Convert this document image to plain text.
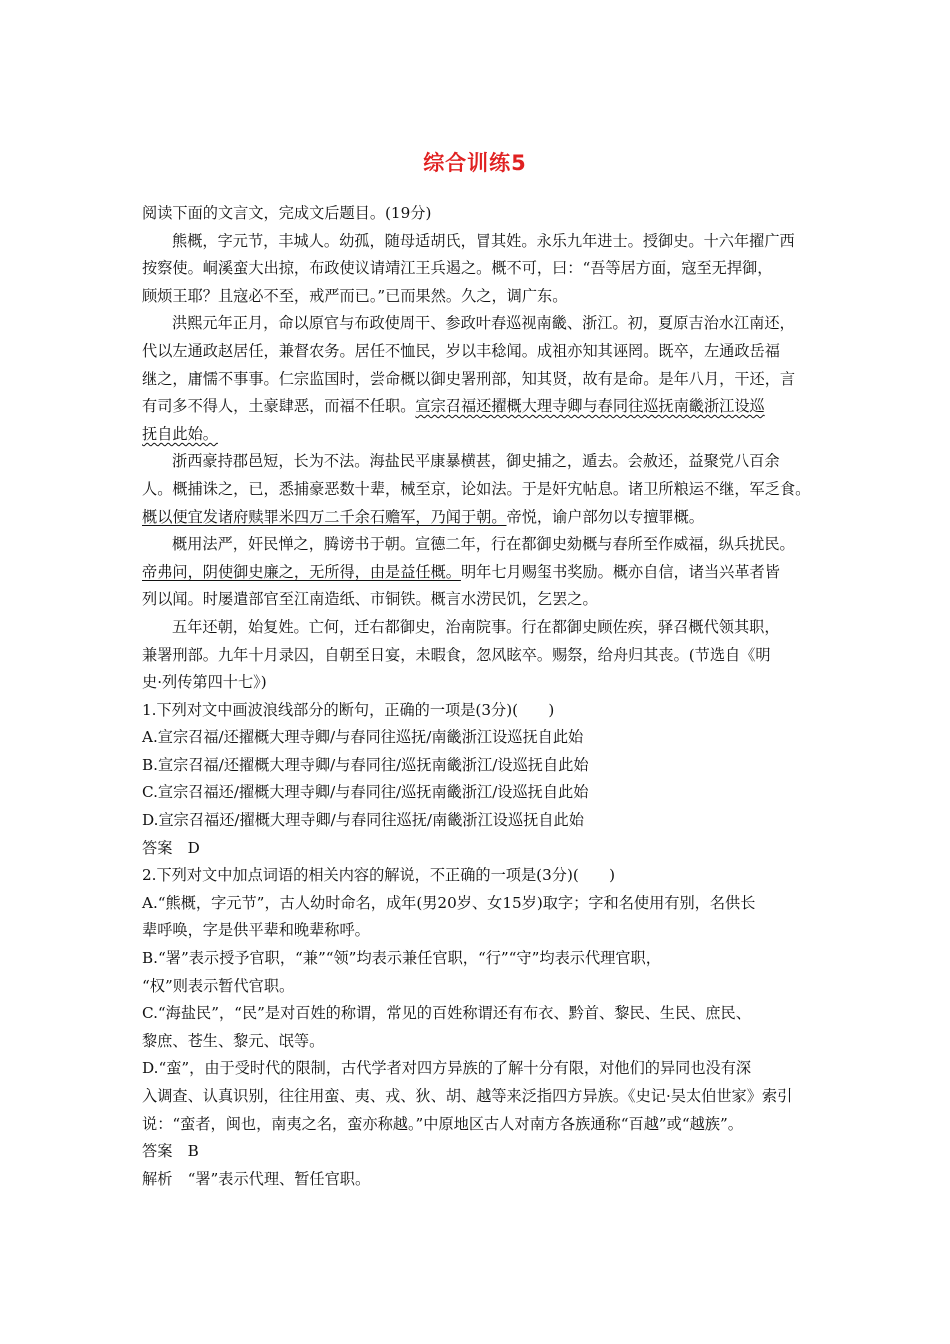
综合训练5
阅读下面的文言文，完成文后题目。(19分)
熊概，字元节，丰城人。幼孤，随母适胡氏，冒其姓。永乐九年进士。授御史。十六年擢广西
按察使。峒溪蛮大出掠，布政使议请靖江王兵遏之。概不可，曰：“吾等居方面，寇至无捍御，
顾烦王耶？且寇必不至，戒严而已。”已而果然。久之，调广东。
洪熙元年正月，命以原官与布政使周干、参政叶春巡视南畿、浙江。初，夏原吉治水江南还，
代以左通政赵居任，兼督农务。居任不恤民，岁以丰稔闻。成祖亦知其诬罔。既卒，左通政岳福
继之，庸懦不事事。仁宗监国时，尝命概以御史署刑部，知其贤，故有是命。是年八月，干还，言
有司多不得人，土豪肆恶，而福不任职。宣宗召福还擢概大理寺卿与春同往巡抚南畿浙江设巡
抚自此始。
浙西豪持郡邑短，长为不法。海盐民平康暴横甚，御史捕之，遁去。会赦还，益聚党八百余
人。概捕诛之，已，悉捕豪恶数十辈，械至京，论如法。于是奸宄帖息。诸卫所粮运不继，军乏食。
概以便宜发诸府赎罪米四万二千余石赡军，乃闻于朝。帝悦，谕户部勿以专擅罪概。
概用法严，奸民惮之，腾谤书于朝。宣德二年，行在都御史劾概与春所至作威福，纵兵扰民。
帝弗问，阴使御史廉之，无所得，由是益任概。明年七月赐玺书奖励。概亦自信，诸当兴革者皆
列以闻。时屡遣部官至江南造纸、市铜铁。概言水涝民饥，乞罢之。
五年还朝，始复姓。亡何，迁右都御史，治南院事。行在都御史顾佐疾，驿召概代领其职，
兼署刑部。九年十月录囚，自朝至日宴，未暇食，忽风眩卒。赐祭，给舟归其丧。(节选自《明
史·列传第四十七》)
1.下列对文中画波浪线部分的断句，正确的一项是(3分)(　　)
A.宣宗召福/还擢概大理寺卿/与春同往巡抚/南畿浙江设巡抚自此始
B.宣宗召福/还擢概大理寺卿/与春同往/巡抚南畿浙江/设巡抚自此始
C.宣宗召福还/擢概大理寺卿/与春同往/巡抚南畿浙江/设巡抚自此始
D.宣宗召福还/擢概大理寺卿/与春同往巡抚/南畿浙江设巡抚自此始
答案　D
2.下列对文中加点词语的相关内容的解说，不正确的一项是(3分)(　　)
A.“熊概，字元节”，古人幼时命名，成年(男20岁、女15岁)取字；字和名使用有别，名供长
辈呼唤，字是供平辈和晚辈称呼。
B.“署”表示授予官职，“兼”“领”均表示兼任官职，“行”“守”均表示代理官职，
“权”则表示暂代官职。
C.“海盐民”，“民”是对百姓的称谓，常见的百姓称谓还有布衣、黔首、黎民、生民、庶民、
黎庶、苍生、黎元、氓等。
D.“蛮”，由于受时代的限制，古代学者对四方异族的了解十分有限，对他们的异同也没有深
入调查、认真识别，往往用蛮、夷、戎、狄、胡、越等来泛指四方异族。《史记·吴太伯世家》索引
说：“蛮者，闽也，南夷之名，蛮亦称越。”中原地区古人对南方各族通称“百越”或“越族”。
答案　B
解析　“署”表示代理、暂任官职。
